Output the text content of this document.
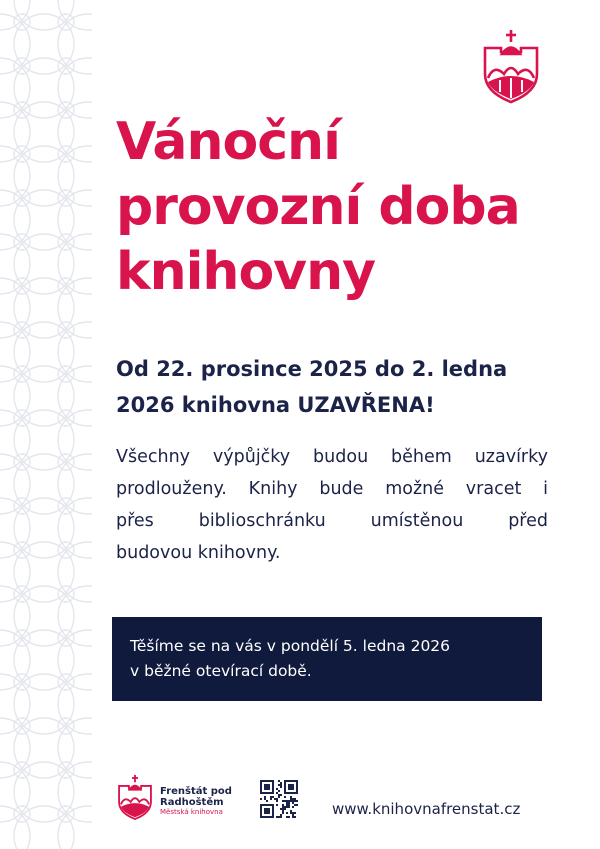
Vánoční
provozní doba
knihovny
Od 22. prosince 2025 do 2. ledna
2026 knihovna UZAVŘENA!
Všechny výpůjčky budou během uzavírky
prodlouženy. Knihy bude možné vracet i
přes biblioschránku umístěnou před
budovou knihovny.
Těšíme se na vás v pondělí 5. ledna 2026
v běžné otevírací době.
Frenštát pod
Radhoštěm
Městská knihovna	www.knihovnafrenstat.cz
